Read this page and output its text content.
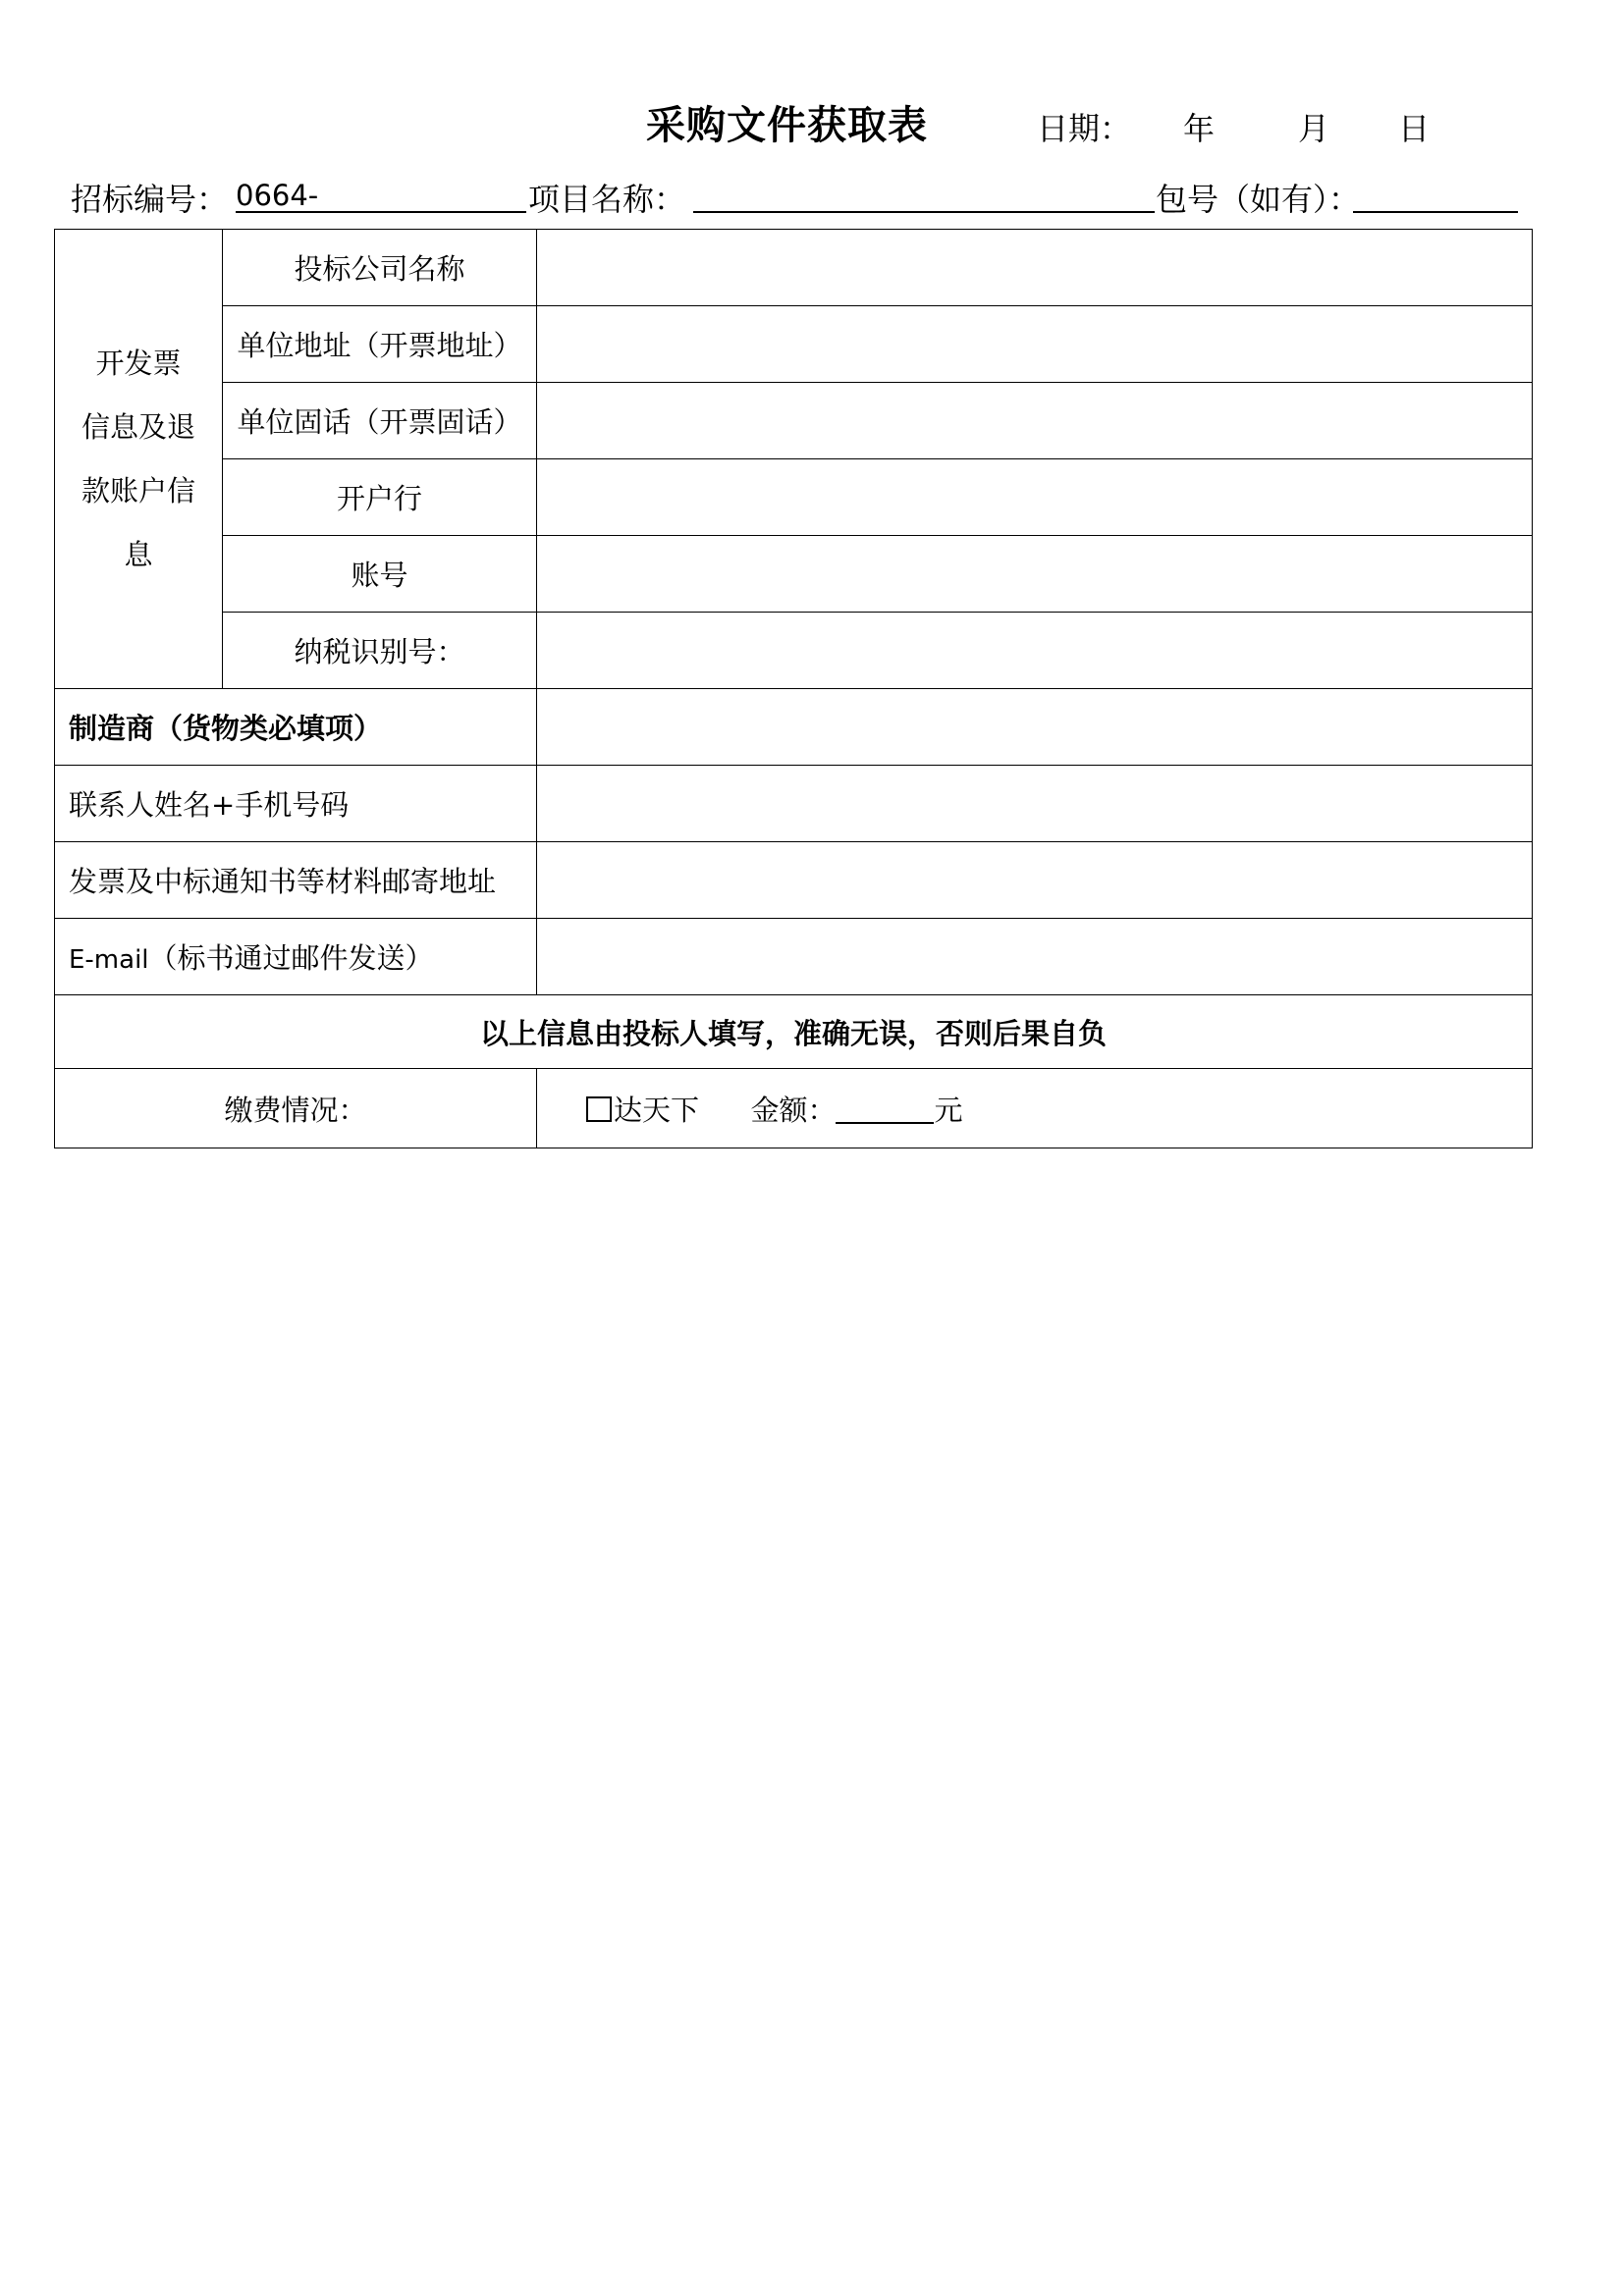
采购文件获取表	日期： 年	月 日
招标编号： 0664-	项目名称：	包号（如有）：
开发票
信息及退
款账户信
息	投标公司名称	
	单位地址（开票地址）	
	单位固话（开票固话）	
	开户行	
	账号	
	纳税识别号：	
制造商（货物类必填项）		
联系人姓名+手机号码		
发票及中标通知书等材料邮寄地址		
E-mail（标书通过邮件发送）		
以上信息由投标人填写，准确无误，否则后果自负		
缴费情况：		达天下 金额： 元
